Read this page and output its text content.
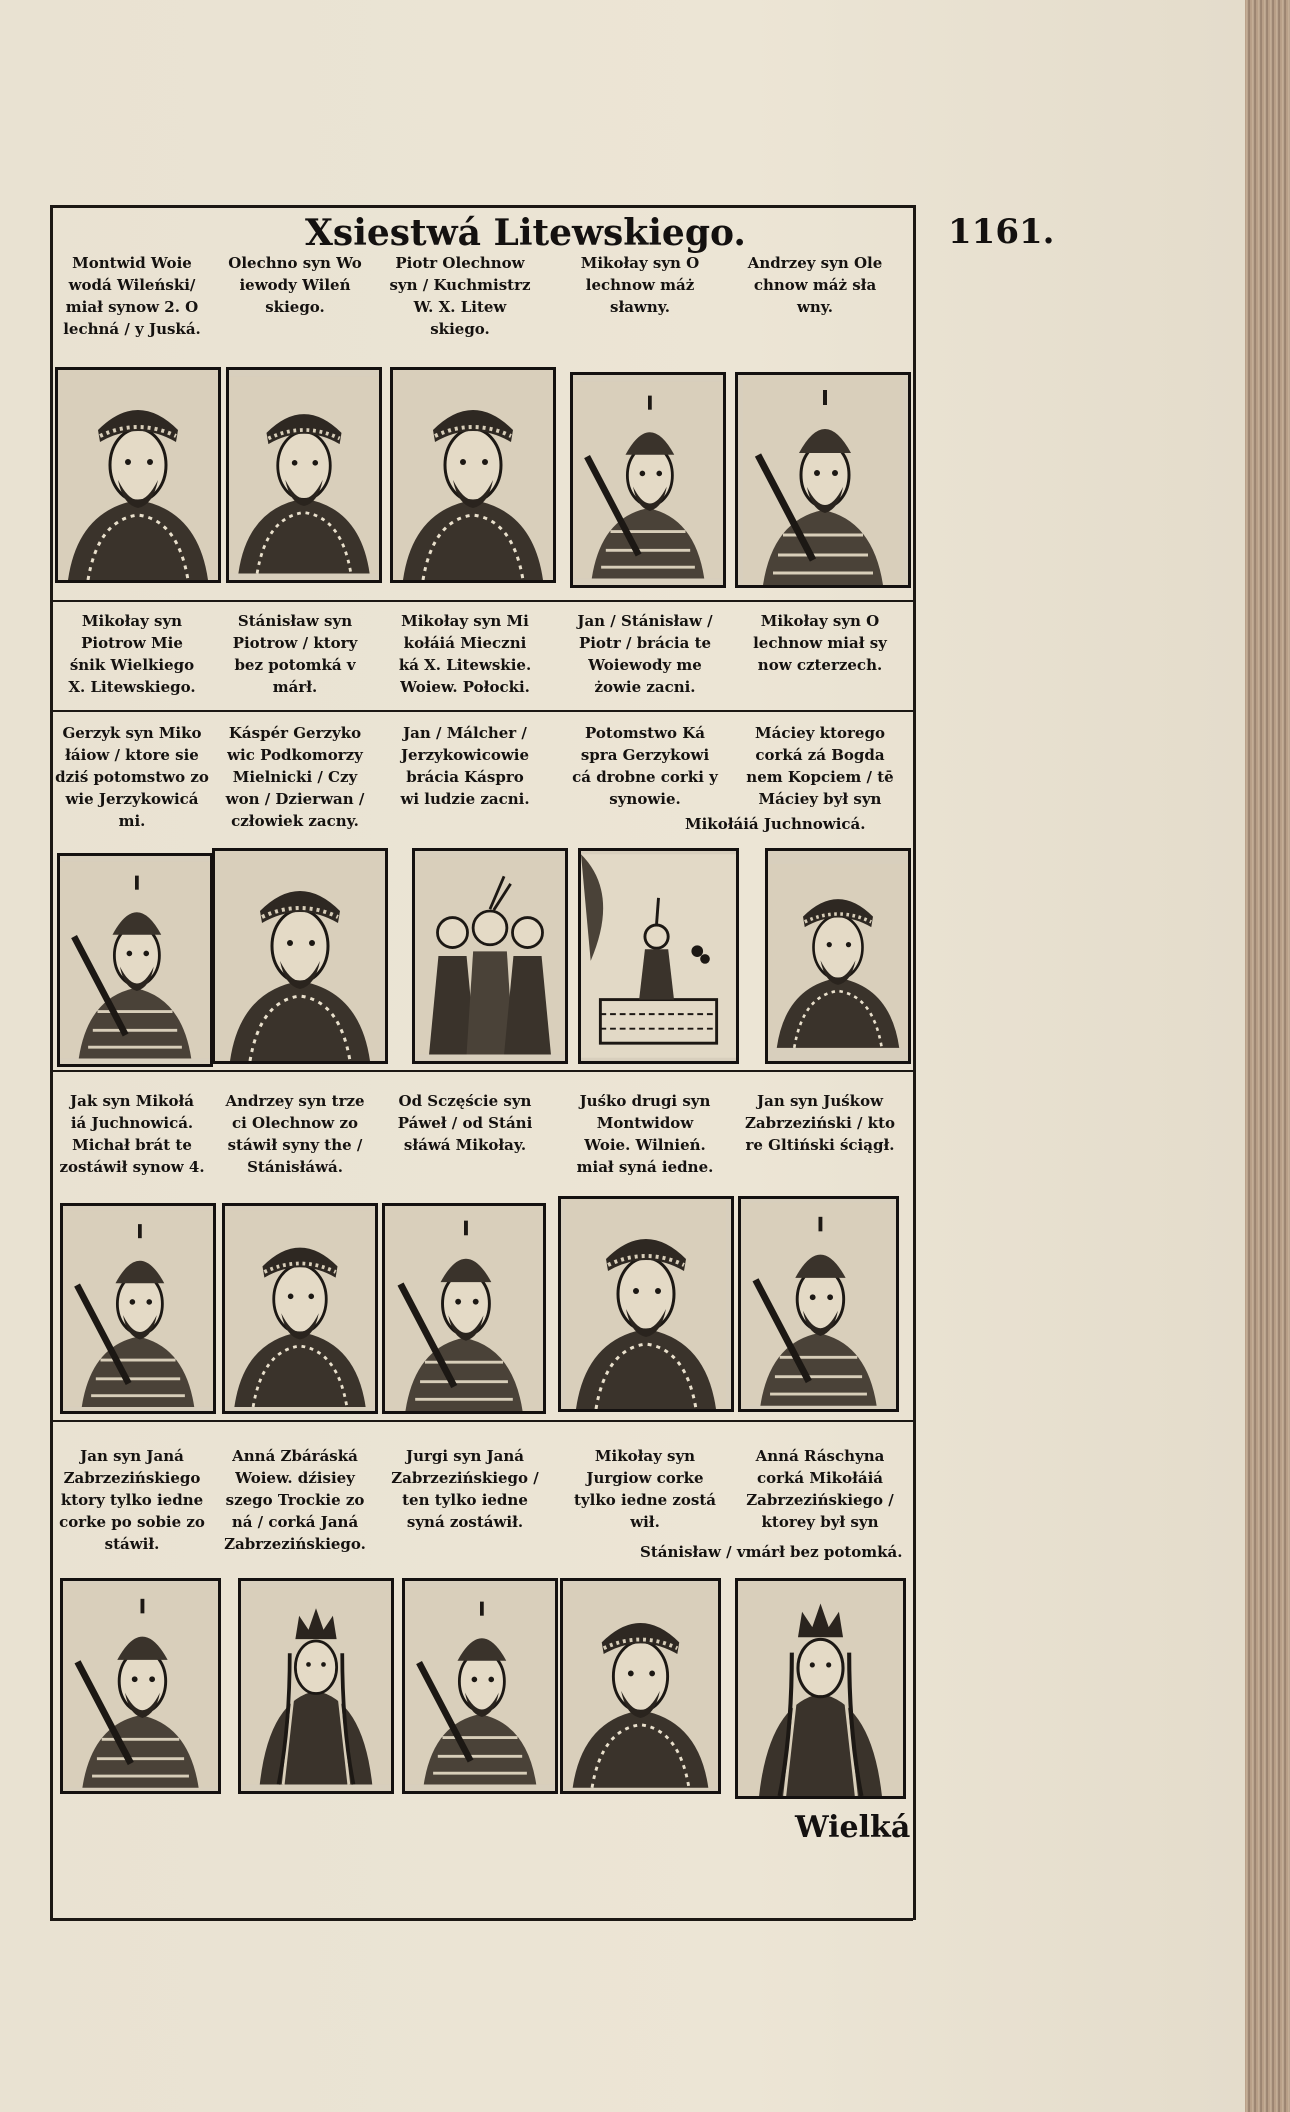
Xsiestwá Litewskiego.	1161.
Montwid Woie
wodá Wileński/
miał synow 2. O
lechná / y Juská.
Olechno syn Wo
iewody Wileń
skiego.
Piotr Olechnow
syn / Kuchmistrz
W. X. Litew
skiego.
Mikołay syn O
lechnow máż
sławny.
Andrzey syn Ole
chnow máż sła
wny.
Mikołay syn
Piotrow Mie
śnik Wielkiego
X. Litewskiego.
Stánisław syn
Piotrow / ktory
bez potomká v
márł.
Mikołay syn Mi
kołáiá Mieczni
ká X. Litewskie.
Woiew. Połocki.
Jan / Stánisław /
Piotr / brácia te
Woiewody me
żowie zacni.
Mikołay syn O
lechnow miał sy
now czterzech.
Gerzyk syn Miko
łáiow / ktore sie
dziś potomstwo zo
wie Jerzykowicá
mi.
Káspér Gerzyko
wic Podkomorzy
Mielnicki / Czy
won / Dzierwan /
człowiek zacny.
Jan / Málcher /
Jerzykowicowie
brácia Káspro
wi ludzie zacni.
Potomstwo Ká
spra Gerzykowi
cá drobne corki y
synowie.
Máciey ktorego
corká zá Bogda
nem Kopciem / tē
Máciey był syn
Mikołáiá Juchnowicá.
Jak syn Mikołá
iá Juchnowicá.
Michał brát te
zostáwił synow 4.
Andrzey syn trze
ci Olechnow zo
stáwił syny the /
Stánisłáwá.
Od Sczęście syn
Páweł / od Stáni
słáwá Mikołay.
Juśko drugi syn
Montwidow
Woie. Wilnień.
miał syná iedne.
Jan syn Juśkow
Zabrzeziński / kto
re Gltiński ściągł.
Jan syn Janá
Zabrzezińskiego
ktory tylko iedne
corke po sobie zo
stáwił.
Anná Zbáráská
Woiew. dźisiey
szego Trockie zo
ná / corká Janá
Zabrzezińskiego.
Jurgi syn Janá
Zabrzezińskiego /
ten tylko iedne
syná zostáwił.
Mikołay syn
Jurgiow corke
tylko iedne zostá
wił.
Anná Ráschyna
corká Mikołáiá
Zabrzezińskiego /
ktorey był syn
Stánisław / vmárł bez potomká.
Wielká
